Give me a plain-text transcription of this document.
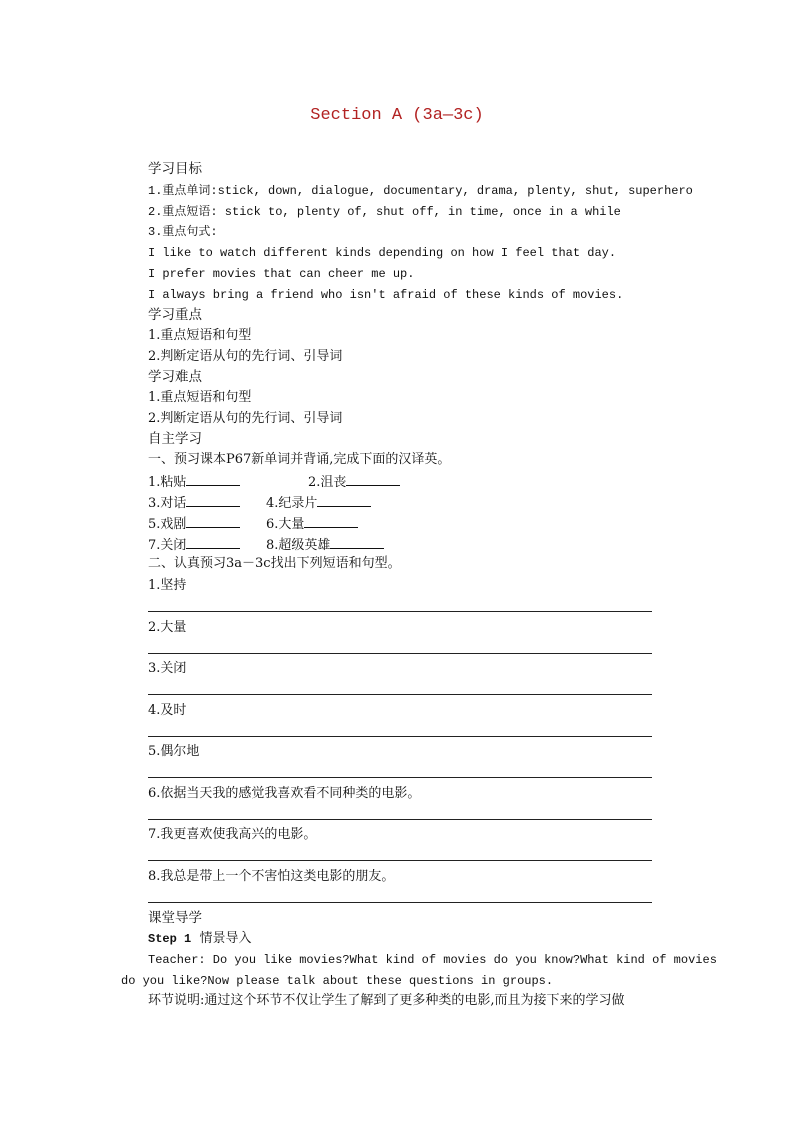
Section A (3a—3c)
学习目标
1.重点单词:stick, down, dialogue, documentary, drama, plenty, shut, superhero
2.重点短语: stick to, plenty of, shut off, in time, once in a while
3.重点句式:
I like to watch different kinds depending on how I feel that day.
I prefer movies that can cheer me up.
I always bring a friend who isn't afraid of these kinds of movies.
学习重点
1.重点短语和句型
2.判断定语从句的先行词、引导词
学习难点
1.重点短语和句型
2.判断定语从句的先行词、引导词
自主学习
一、预习课本P67新单词并背诵,完成下面的汉译英。
1.粘贴	2.沮丧
3.对话	4.纪录片
5.戏剧	6.大量
7.关闭	8.超级英雄
二、认真预习3a－3c找出下列短语和句型。
1.坚持
2.大量
3.关闭
4.及时
5.偶尔地
6.依据当天我的感觉我喜欢看不同种类的电影。
7.我更喜欢使我高兴的电影。
8.我总是带上一个不害怕这类电影的朋友。
课堂导学
Step 1 情景导入
Teacher: Do you like movies?What kind of movies do you know?What kind of movies
do you like?Now please talk about these questions in groups.
环节说明:通过这个环节不仅让学生了解到了更多种类的电影,而且为接下来的学习做
